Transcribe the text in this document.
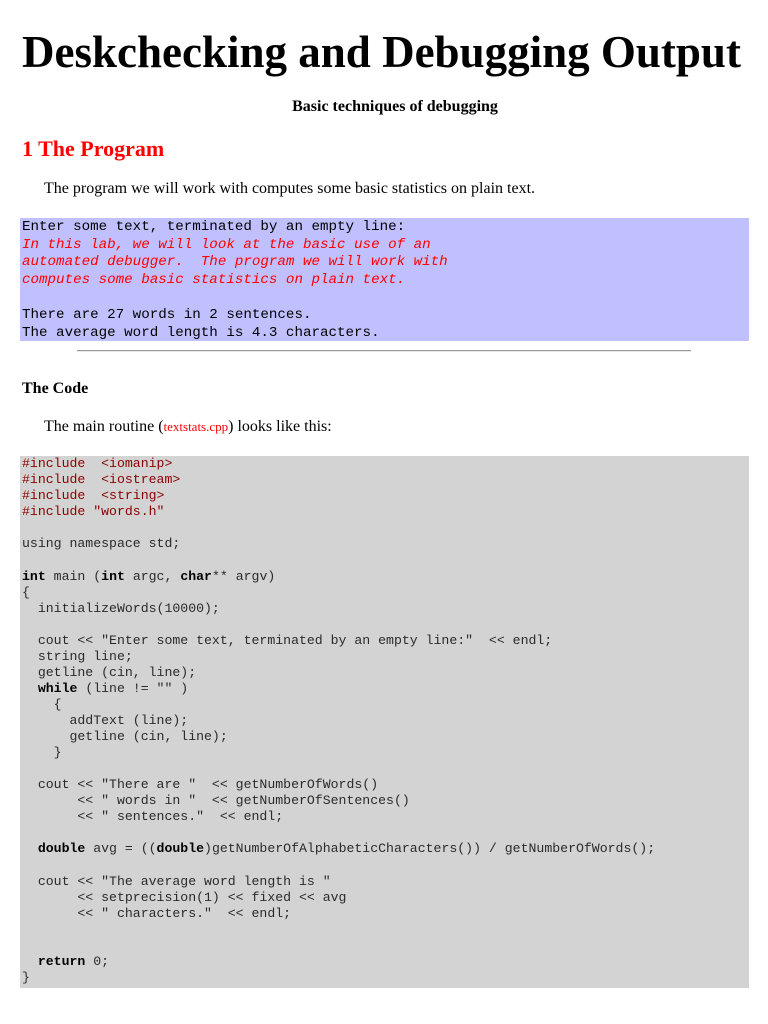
Deskchecking and Debugging Output
Basic techniques of debugging
1 The Program
The program we will work with computes some basic statistics on plain text.
Enter some text, terminated by an empty line:
In this lab, we will look at the basic use of an
automated debugger.  The program we will work with
computes some basic statistics on plain text.
There are 27 words in 2 sentences.
The average word length is 4.3 characters.
The Code
The main routine (textstats.cpp) looks like this:
#include  <iomanip>
#include  <iostream>
#include  <string>
#include "words.h"

using namespace std;

int main (int argc, char** argv)
{
initializeWords(10000);

cout << "Enter some text, terminated by an empty line:"  << endl;
string line;
getline (cin, line);
while (line != "" )
{
addText (line);
getline (cin, line);
}

cout << "There are "  << getNumberOfWords()
<< " words in "  << getNumberOfSentences()
<< " sentences."  << endl;

double avg = ((double)getNumberOfAlphabeticCharacters()) / getNumberOfWords();

cout << "The average word length is "
<< setprecision(1) << fixed << avg
<< " characters."  << endl;

return 0;
}
